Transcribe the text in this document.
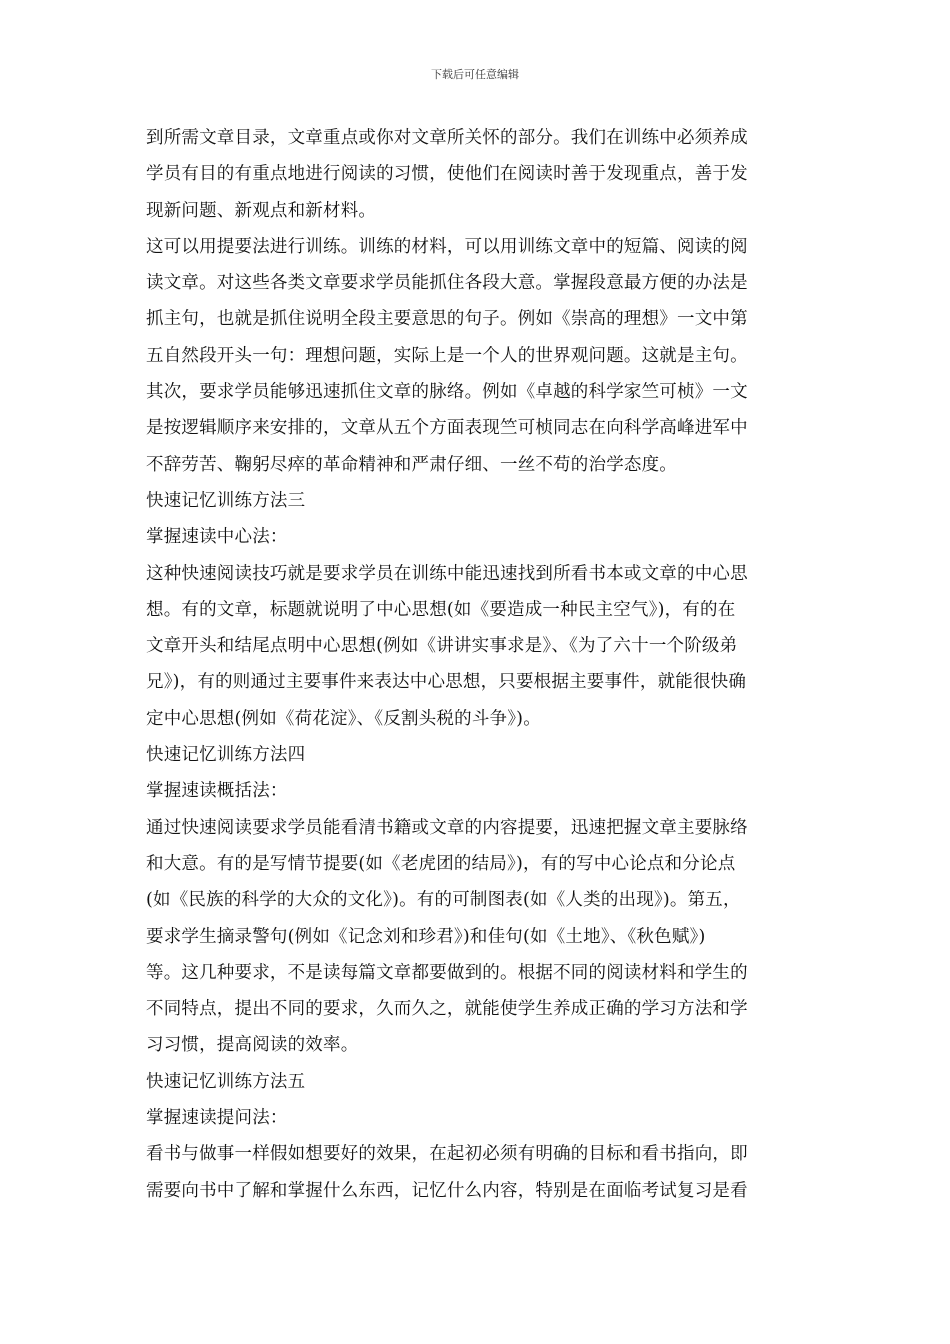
下载后可任意编辑
到所需文章目录，文章重点或你对文章所关怀的部分。我们在训练中必须养成
学员有目的有重点地进行阅读的习惯，使他们在阅读时善于发现重点，善于发
现新问题、新观点和新材料。
这可以用提要法进行训练。训练的材料，可以用训练文章中的短篇、阅读的阅
读文章。对这些各类文章要求学员能抓住各段大意。掌握段意最方便的办法是
抓主句，也就是抓住说明全段主要意思的句子。例如《崇高的理想》一文中第
五自然段开头一句：理想问题，实际上是一个人的世界观问题。这就是主句。
其次，要求学员能够迅速抓住文章的脉络。例如《卓越的科学家竺可桢》一文
是按逻辑顺序来安排的，文章从五个方面表现竺可桢同志在向科学高峰进军中
不辞劳苦、鞠躬尽瘁的革命精神和严肃仔细、一丝不苟的治学态度。
快速记忆训练方法三
掌握速读中心法：
这种快速阅读技巧就是要求学员在训练中能迅速找到所看书本或文章的中心思
想。有的文章，标题就说明了中心思想(如《要造成一种民主空气》)，有的在
文章开头和结尾点明中心思想(例如《讲讲实事求是》、《为了六十一个阶级弟
兄》)，有的则通过主要事件来表达中心思想，只要根据主要事件，就能很快确
定中心思想(例如《荷花淀》、《反割头税的斗争》)。
快速记忆训练方法四
掌握速读概括法：
通过快速阅读要求学员能看清书籍或文章的内容提要，迅速把握文章主要脉络
和大意。有的是写情节提要(如《老虎团的结局》)，有的写中心论点和分论点
(如《民族的科学的大众的文化》)。有的可制图表(如《人类的出现》)。第五，
要求学生摘录警句(例如《记念刘和珍君》)和佳句(如《土地》、《秋色赋》)
等。这几种要求，不是读每篇文章都要做到的。根据不同的阅读材料和学生的
不同特点，提出不同的要求，久而久之，就能使学生养成正确的学习方法和学
习习惯，提高阅读的效率。
快速记忆训练方法五
掌握速读提问法：
看书与做事一样假如想要好的效果，在起初必须有明确的目标和看书指向，即
需要向书中了解和掌握什么东西，记忆什么内容，特别是在面临考试复习是看
